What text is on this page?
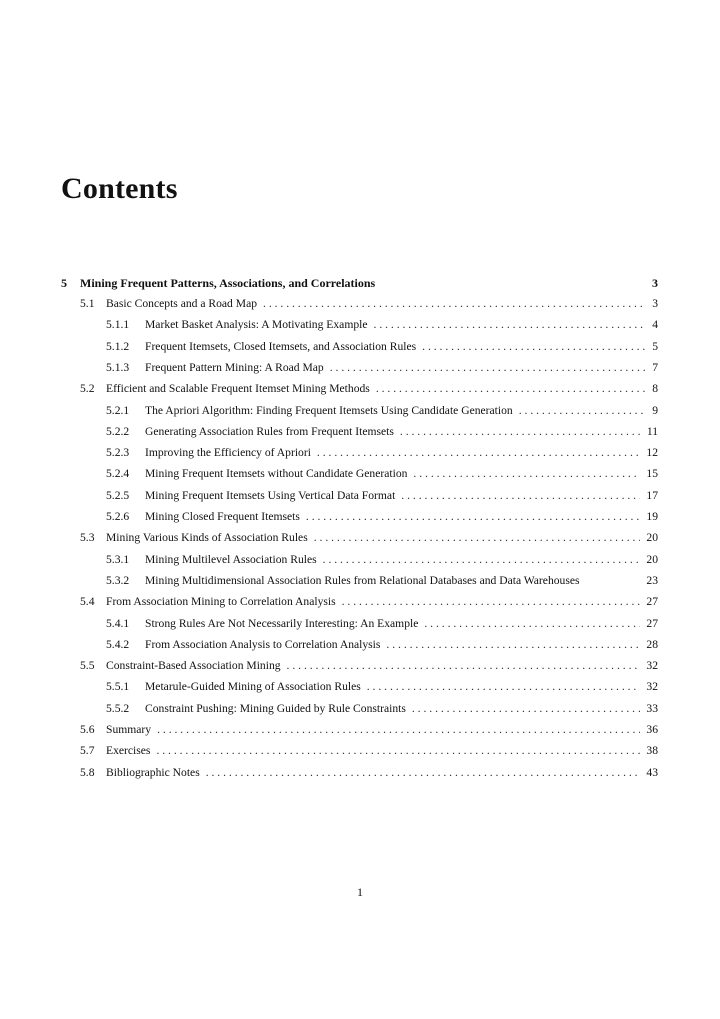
Contents
5	Mining Frequent Patterns, Associations, and Correlations	3
5.1 Basic Concepts and a Road Map . . .	3
5.1.1	Market Basket Analysis: A Motivating Example . . .	4
5.1.2	Frequent Itemsets, Closed Itemsets, and Association Rules . . .	5
5.1.3	Frequent Pattern Mining: A Road Map . . .	7
5.2 Efficient and Scalable Frequent Itemset Mining Methods . . .	8
5.2.1	The Apriori Algorithm: Finding Frequent Itemsets Using Candidate Generation . . .	9
5.2.2	Generating Association Rules from Frequent Itemsets . . .	11
5.2.3	Improving the Efficiency of Apriori . . .	12
5.2.4	Mining Frequent Itemsets without Candidate Generation . . .	15
5.2.5	Mining Frequent Itemsets Using Vertical Data Format . . .	17
5.2.6	Mining Closed Frequent Itemsets . . .	19
5.3 Mining Various Kinds of Association Rules . . .	20
5.3.1	Mining Multilevel Association Rules . . .	20
5.3.2	Mining Multidimensional Association Rules from Relational Databases and Data Warehouses	23
5.4 From Association Mining to Correlation Analysis . . .	27
5.4.1	Strong Rules Are Not Necessarily Interesting: An Example . . .	27
5.4.2	From Association Analysis to Correlation Analysis . . .	28
5.5 Constraint-Based Association Mining . . .	32
5.5.1	Metarule-Guided Mining of Association Rules . . .	32
5.5.2	Constraint Pushing: Mining Guided by Rule Constraints . . .	33
5.6 Summary . . .	36
5.7 Exercises . . .	38
5.8 Bibliographic Notes . . .	43
1
